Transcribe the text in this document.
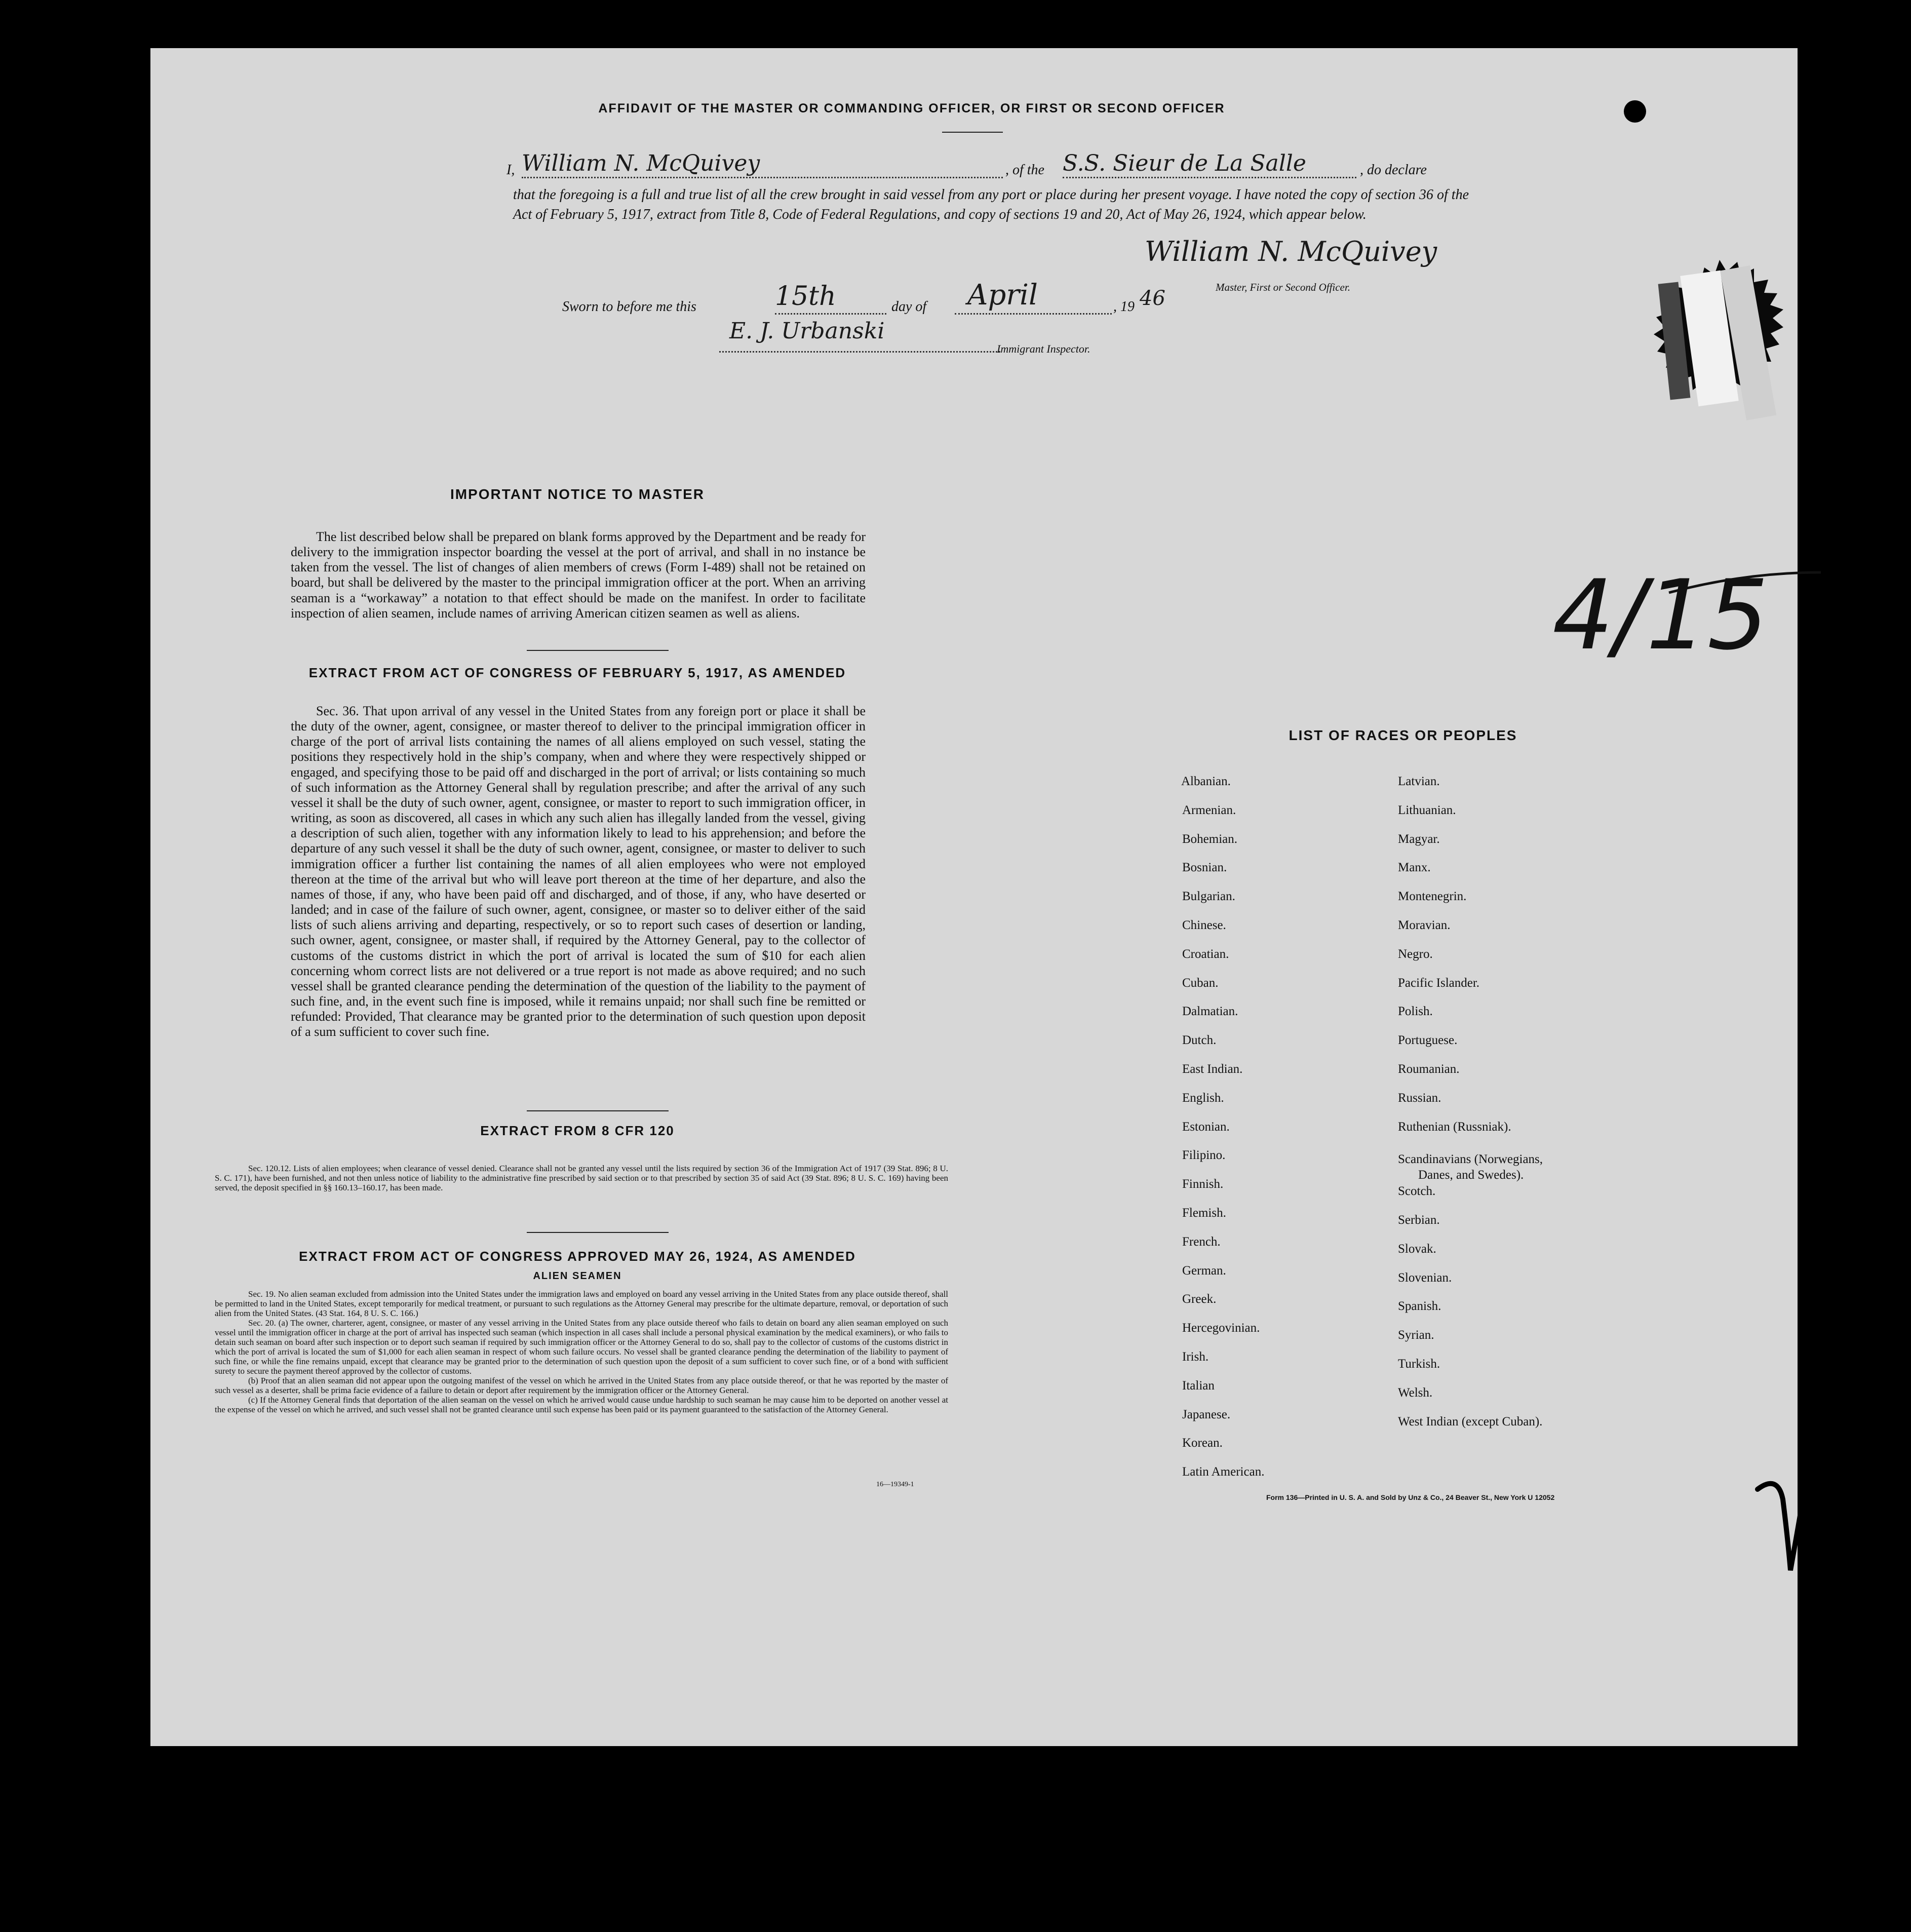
AFFIDAVIT OF THE MASTER OR COMMANDING OFFICER, OR FIRST OR SECOND OFFICER
I, William N. McQuivey	, of the S.S. Sieur de La Salle	, do declare
that the foregoing is a full and true list of all the crew brought in said vessel from any port or place during her present voyage. I have noted the copy of section 36 of the Act of February 5, 1917, extract from Title 8, Code of Federal Regulations, and copy of sections 19 and 20, Act of May 26, 1924, which appear below.
William N. McQuivey
Master, First or Second Officer.
Sworn to before me this	15th	day of April	, 19 46
E. J. Urbanski
Immigrant Inspector.
4/15
IMPORTANT NOTICE TO MASTER
The list described below shall be prepared on blank forms approved by the Department and be ready for delivery to the immigration inspector boarding the vessel at the port of arrival, and shall in no instance be taken from the vessel. The list of changes of alien members of crews (Form I-489) shall not be retained on board, but shall be delivered by the master to the principal immigration officer at the port. When an arriving seaman is a “workaway” a notation to that effect should be made on the manifest. In order to facilitate inspection of alien seamen, include names of arriving American citizen seamen as well as aliens.
EXTRACT FROM ACT OF CONGRESS OF FEBRUARY 5, 1917, AS AMENDED
Sec. 36. That upon arrival of any vessel in the United States from any foreign port or place it shall be the duty of the owner, agent, consignee, or master thereof to deliver to the principal immigration officer in charge of the port of arrival lists containing the names of all aliens employed on such vessel, stating the positions they respectively hold in the ship’s company, when and where they were respectively shipped or engaged, and specifying those to be paid off and discharged in the port of arrival; or lists containing so much of such information as the Attorney General shall by regulation prescribe; and after the arrival of any such vessel it shall be the duty of such owner, agent, consignee, or master to report to such immigration officer, in writing, as soon as discovered, all cases in which any such alien has illegally landed from the vessel, giving a description of such alien, together with any information likely to lead to his apprehension; and before the departure of any such vessel it shall be the duty of such owner, agent, consignee, or master to deliver to such immigration officer a further list containing the names of all alien employees who were not employed thereon at the time of the arrival but who will leave port thereon at the time of her departure, and also the names of those, if any, who have been paid off and discharged, and of those, if any, who have deserted or landed; and in case of the failure of such owner, agent, consignee, or master so to deliver either of the said lists of such aliens arriving and departing, respectively, or so to report such cases of desertion or landing, such owner, agent, consignee, or master shall, if required by the Attorney General, pay to the collector of customs of the customs district in which the port of arrival is located the sum of $10 for each alien concerning whom correct lists are not delivered or a true report is not made as above required; and no such vessel shall be granted clearance pending the determination of the question of the liability to the payment of such fine, and, in the event such fine is imposed, while it remains unpaid; nor shall such fine be remitted or refunded: Provided, That clearance may be granted prior to the determination of such question upon deposit of a sum sufficient to cover such fine.
EXTRACT FROM 8 CFR 120
Sec. 120.12. Lists of alien employees; when clearance of vessel denied. Clearance shall not be granted any vessel until the lists required by section 36 of the Immigration Act of 1917 (39 Stat. 896; 8 U. S. C. 171), have been furnished, and not then unless notice of liability to the administrative fine prescribed by said section or to that prescribed by section 35 of said Act (39 Stat. 896; 8 U. S. C. 169) having been served, the deposit specified in §§ 160.13–160.17, has been made.
EXTRACT FROM ACT OF CONGRESS APPROVED MAY 26, 1924, AS AMENDED
ALIEN SEAMEN
Sec. 19. No alien seaman excluded from admission into the United States under the immigration laws and employed on board any vessel arriving in the United States from any place outside thereof, shall be permitted to land in the United States, except temporarily for medical treatment, or pursuant to such regulations as the Attorney General may prescribe for the ultimate departure, removal, or deportation of such alien from the United States. (43 Stat. 164, 8 U. S. C. 166.)
Sec. 20. (a) The owner, charterer, agent, consignee, or master of any vessel arriving in the United States from any place outside thereof who fails to detain on board any alien seaman employed on such vessel until the immigration officer in charge at the port of arrival has inspected such seaman (which inspection in all cases shall include a personal physical examination by the medical examiners), or who fails to detain such seaman on board after such inspection or to deport such seaman if required by such immigration officer or the Attorney General to do so, shall pay to the collector of customs of the customs district in which the port of arrival is located the sum of $1,000 for each alien seaman in respect of whom such failure occurs. No vessel shall be granted clearance pending the determination of the liability to payment of such fine, or while the fine remains unpaid, except that clearance may be granted prior to the determination of such question upon the deposit of a sum sufficient to cover such fine, or of a bond with sufficient surety to secure the payment thereof approved by the collector of customs.
(b) Proof that an alien seaman did not appear upon the outgoing manifest of the vessel on which he arrived in the United States from any place outside thereof, or that he was reported by the master of such vessel as a deserter, shall be prima facie evidence of a failure to detain or deport after requirement by the immigration officer or the Attorney General.
(c) If the Attorney General finds that deportation of the alien seaman on the vessel on which he arrived would cause undue hardship to such seaman he may cause him to be deported on another vessel at the expense of the vessel on which he arrived, and such vessel shall not be granted clearance until such expense has been paid or its payment guaranteed to the satisfaction of the Attorney General.
16—19349-1
LIST OF RACES OR PEOPLES
Albanian.
Armenian.
Bohemian.
Bosnian.
Bulgarian.
Chinese.
Croatian.
Cuban.
Dalmatian.
Dutch.
East Indian.
English.
Estonian.
Filipino.
Finnish.
Flemish.
French.
German.
Greek.
Hercegovinian.
Irish.
Italian
Japanese.
Korean.
Latin American.
Latvian.
Lithuanian.
Magyar.
Manx.
Montenegrin.
Moravian.
Negro.
Pacific Islander.
Polish.
Portuguese.
Roumanian.
Russian.
Ruthenian (Russniak).
Scandinavians (Norwegians,
Danes, and Swedes).
Scotch.
Serbian.
Slovak.
Slovenian.
Spanish.
Syrian.
Turkish.
Welsh.
West Indian (except Cuban).
Form 136—Printed in U. S. A. and Sold by Unz & Co., 24 Beaver St., New York U 12052
